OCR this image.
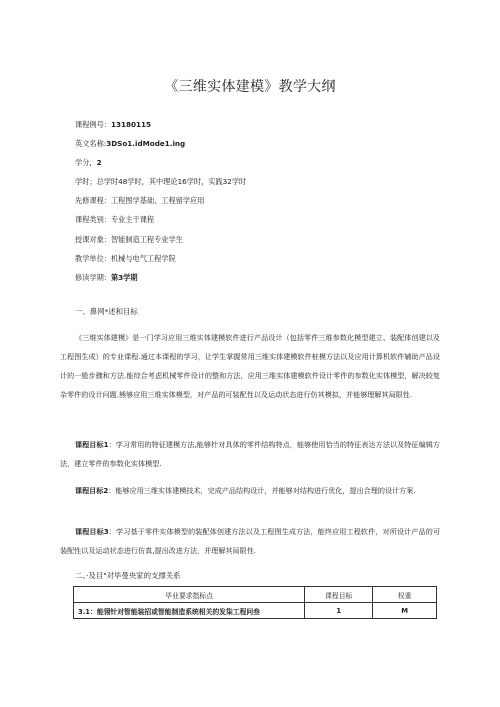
《三维实体建模》教学大纲
课程例号：13180115
英文名称:3DSo1.idMode1.ing
学分，2
学时；总学时48学时，其中理论16学时，实践32学时
先修课程：工程图学基础、工程留学应用
课程类别：专业主干课程
授课对象：智能制造工程专业学生
教学单位：机械与电气工程学院
修读学期：第3学期
一、鼻网*述和目标
《三维实体建模》是一门学习应用三维实体建模软件进行产品设计（包括零件三维参数化模型建立、装配体创建以及工程图生成）的专业课程.通过本课程的学习，让学生掌握常用三维实体建模软件桩模方法以及应用计算机软件辅助产品设计的一般步骤和方法.能综合考虑机械零件设计的整和方法，应用三维实体建模软件设计零件的参数化实体模型，解决较复杂零件的设计问题.熊够应用三维实体模型，对产品的可装配性以及运动状态进行仿其模拟，并能够理解其局限性.
课程目标1：学习常用的特征建模方法,能够针对具体的零件结构特点，能够使用恰当的特征表达方法以及特征编辑方法，建立零件的参数化实体模型.
课程目标2：能够应用三维实体建模技术，完成产品结构设计，并能够对结构进行优化，提出合理的设计方案.
课程目标3：学习基于零件实体模型的装配体创建方法以及工程图生成方法，能终应用工程软件，对所设计产品的可装配性以及运动状态进行仿真,提出改进方法，并理解其局限性.
二、·及目"对毕曼央家的支撑关系
毕业要求指标点	课程目标	权重
3.1：能翎针对智能装招或智能制造系统相关的发柒工程问叁	1	M
